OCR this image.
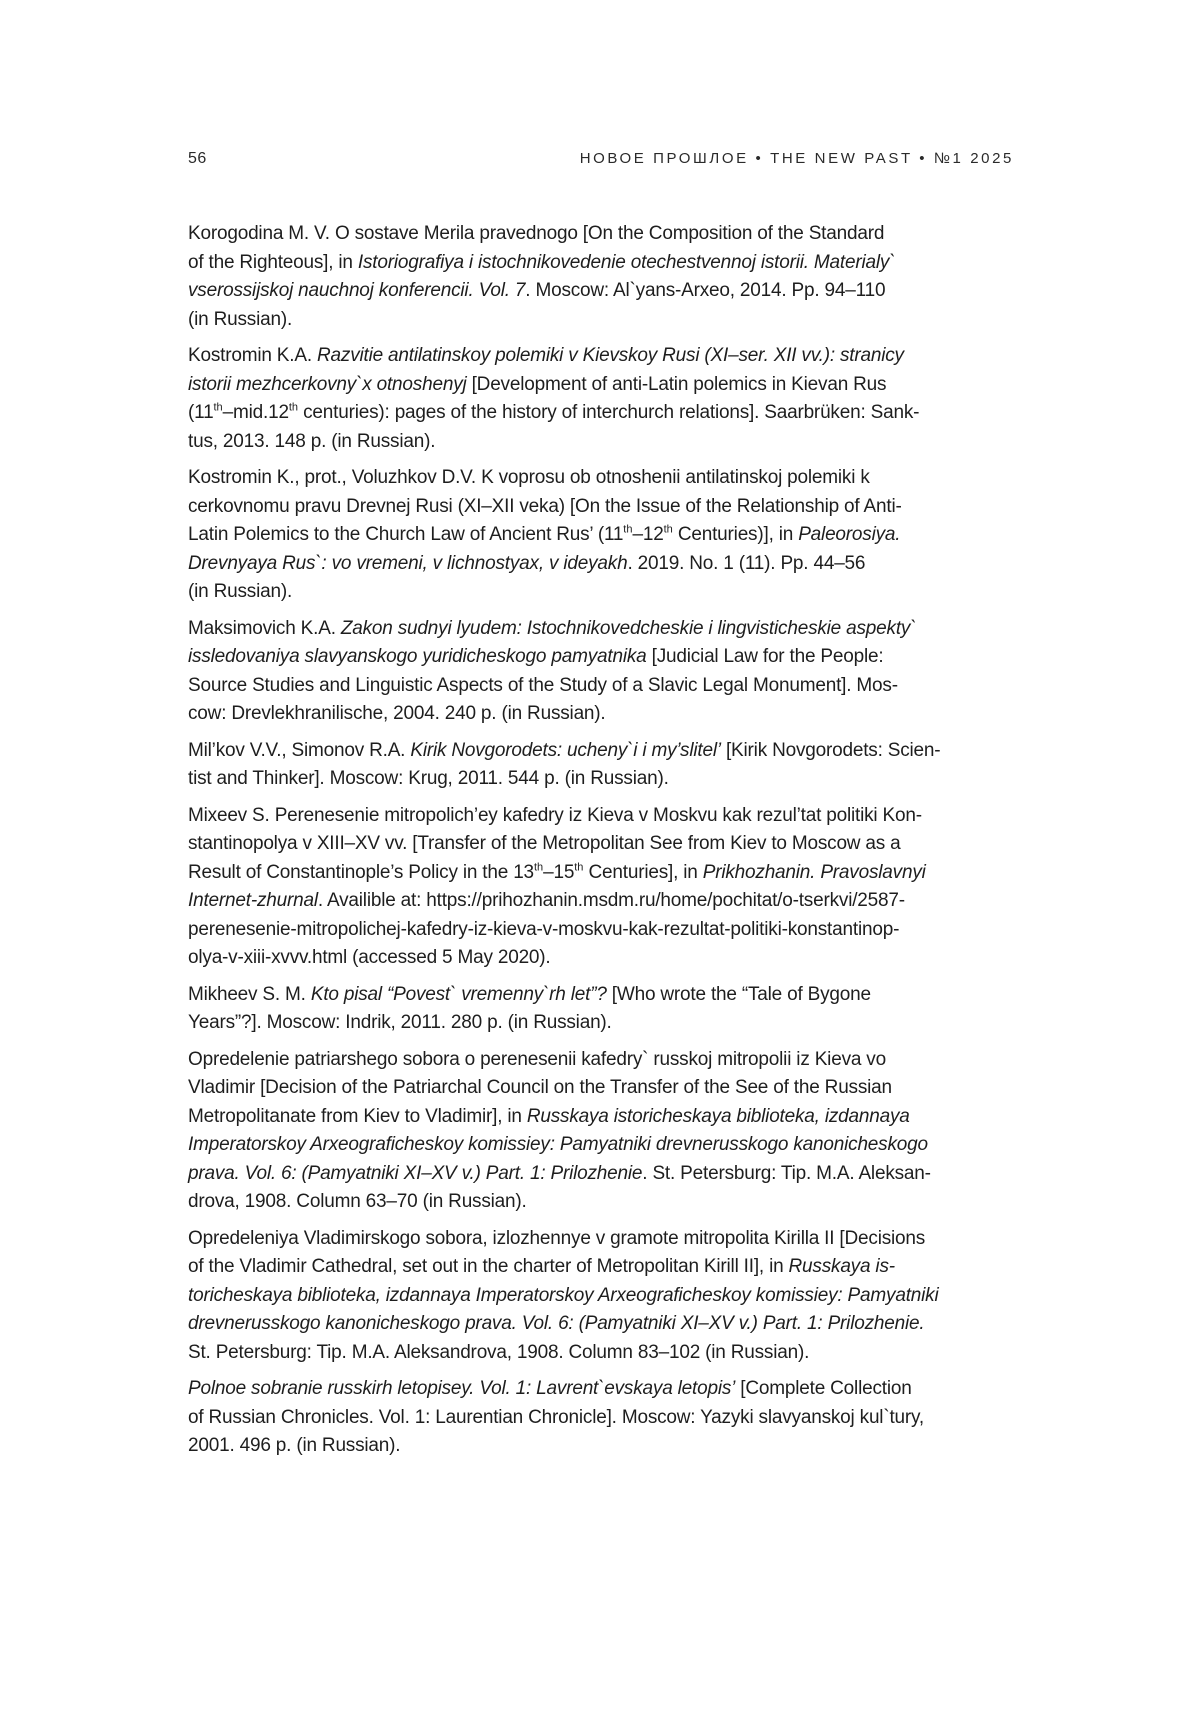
56	НОВОЕ ПРОШЛОЕ • THE NEW PAST • №1 2025

Korogodina M. V. O sostave Merila pravednogo [On the Composition of the Standard
of the Righteous], in Istoriografiya i istochnikovedenie otechestvennoj istorii. Materialy`
vserossijskoj nauchnoj konferencii. Vol. 7. Moscow: Al`yans-Arxeo, 2014. Pp. 94–110
(in Russian).

Kostromin K.A. Razvitie antilatinskoy polemiki v Kievskoy Rusi (XI–ser. XII vv.): stranicy
istorii mezhcerkovny`x otnoshenyj [Development of anti-Latin polemics in Kievan Rus
(11th–mid.12th centuries): pages of the history of interchurch relations]. Saarbrüken: Sank-
tus, 2013. 148 p. (in Russian).

Kostromin K., prot., Voluzhkov D.V. K voprosu ob otnoshenii antilatinskoj polemiki k
cerkovnomu pravu Drevnej Rusi (XI–XII veka) [On the Issue of the Relationship of Anti-
Latin Polemics to the Church Law of Ancient Rus’ (11th–12th Centuries)], in Paleorosiya.
Drevnyaya Rus`: vo vremeni, v lichnostyax, v ideyakh. 2019. No. 1 (11). Pp. 44–56
(in Russian).

Maksimovich K.A. Zakon sudnyi lyudem: Istochnikovedcheskie i lingvisticheskie aspekty`
issledovaniya slavyanskogo yuridicheskogo pamyatnika [Judicial Law for the People:
Source Studies and Linguistic Aspects of the Study of a Slavic Legal Monument]. Mos-
cow: Drevlekhranilische, 2004. 240 p. (in Russian).

Mil’kov V.V., Simonov R.A. Kirik Novgorodets: ucheny`i i my’slitel’ [Kirik Novgorodets: Scien-
tist and Thinker]. Moscow: Krug, 2011. 544 p. (in Russian).

Mixeev S. Perenesenie mitropolich’ey kafedry iz Kieva v Moskvu kak rezul’tat politiki Kon-
stantinopolya v XIII–XV vv. [Transfer of the Metropolitan See from Kiev to Moscow as a
Result of Constantinople’s Policy in the 13th–15th Centuries], in Prikhozhanin. Pravoslavnyi
Internet-zhurnal. Availible at: https://prihozhanin.msdm.ru/home/pochitat/o-tserkvi/2587-
perenesenie-mitropolichej-kafedry-iz-kieva-v-moskvu-kak-rezultat-politiki-konstantinop-
olya-v-xiii-xvvv.html (accessed 5 May 2020).

Mikheev S. M. Kto pisal “Povest` vremenny`rh let”? [Who wrote the “Tale of Bygone
Years”?]. Moscow: Indrik, 2011. 280 p. (in Russian).

Opredelenie patriarshego sobora o perenesenii kafedry` russkoj mitropolii iz Kieva vo
Vladimir [Decision of the Patriarchal Council on the Transfer of the See of the Russian
Metropolitanate from Kiev to Vladimir], in Russkaya istoricheskaya biblioteka, izdannaya
Imperatorskoy Arxeograficheskoy komissiey: Pamyatniki drevnerusskogo kanonicheskogo
prava. Vol. 6: (Pamyatniki XI–XV v.) Part. 1: Prilozhenie. St. Petersburg: Tip. M.A. Aleksan-
drova, 1908. Column 63–70 (in Russian).

Opredeleniya Vladimirskogo sobora, izlozhennye v gramote mitropolita Kirilla II [Decisions
of the Vladimir Cathedral, set out in the charter of Metropolitan Kirill II], in Russkaya is-
toricheskaya biblioteka, izdannaya Imperatorskoy Arxeograficheskoy komissiey: Pamyatniki
drevnerusskogo kanonicheskogo prava. Vol. 6: (Pamyatniki XI–XV v.) Part. 1: Prilozhenie.
St. Petersburg: Tip. M.A. Aleksandrova, 1908. Column 83–102 (in Russian).

Polnoe sobranie russkirh letopisey. Vol. 1: Lavrent`evskaya letopis’ [Complete Collection
of Russian Chronicles. Vol. 1: Laurentian Chronicle]. Moscow: Yazyki slavyanskoj kul`tury,
2001. 496 p. (in Russian).
